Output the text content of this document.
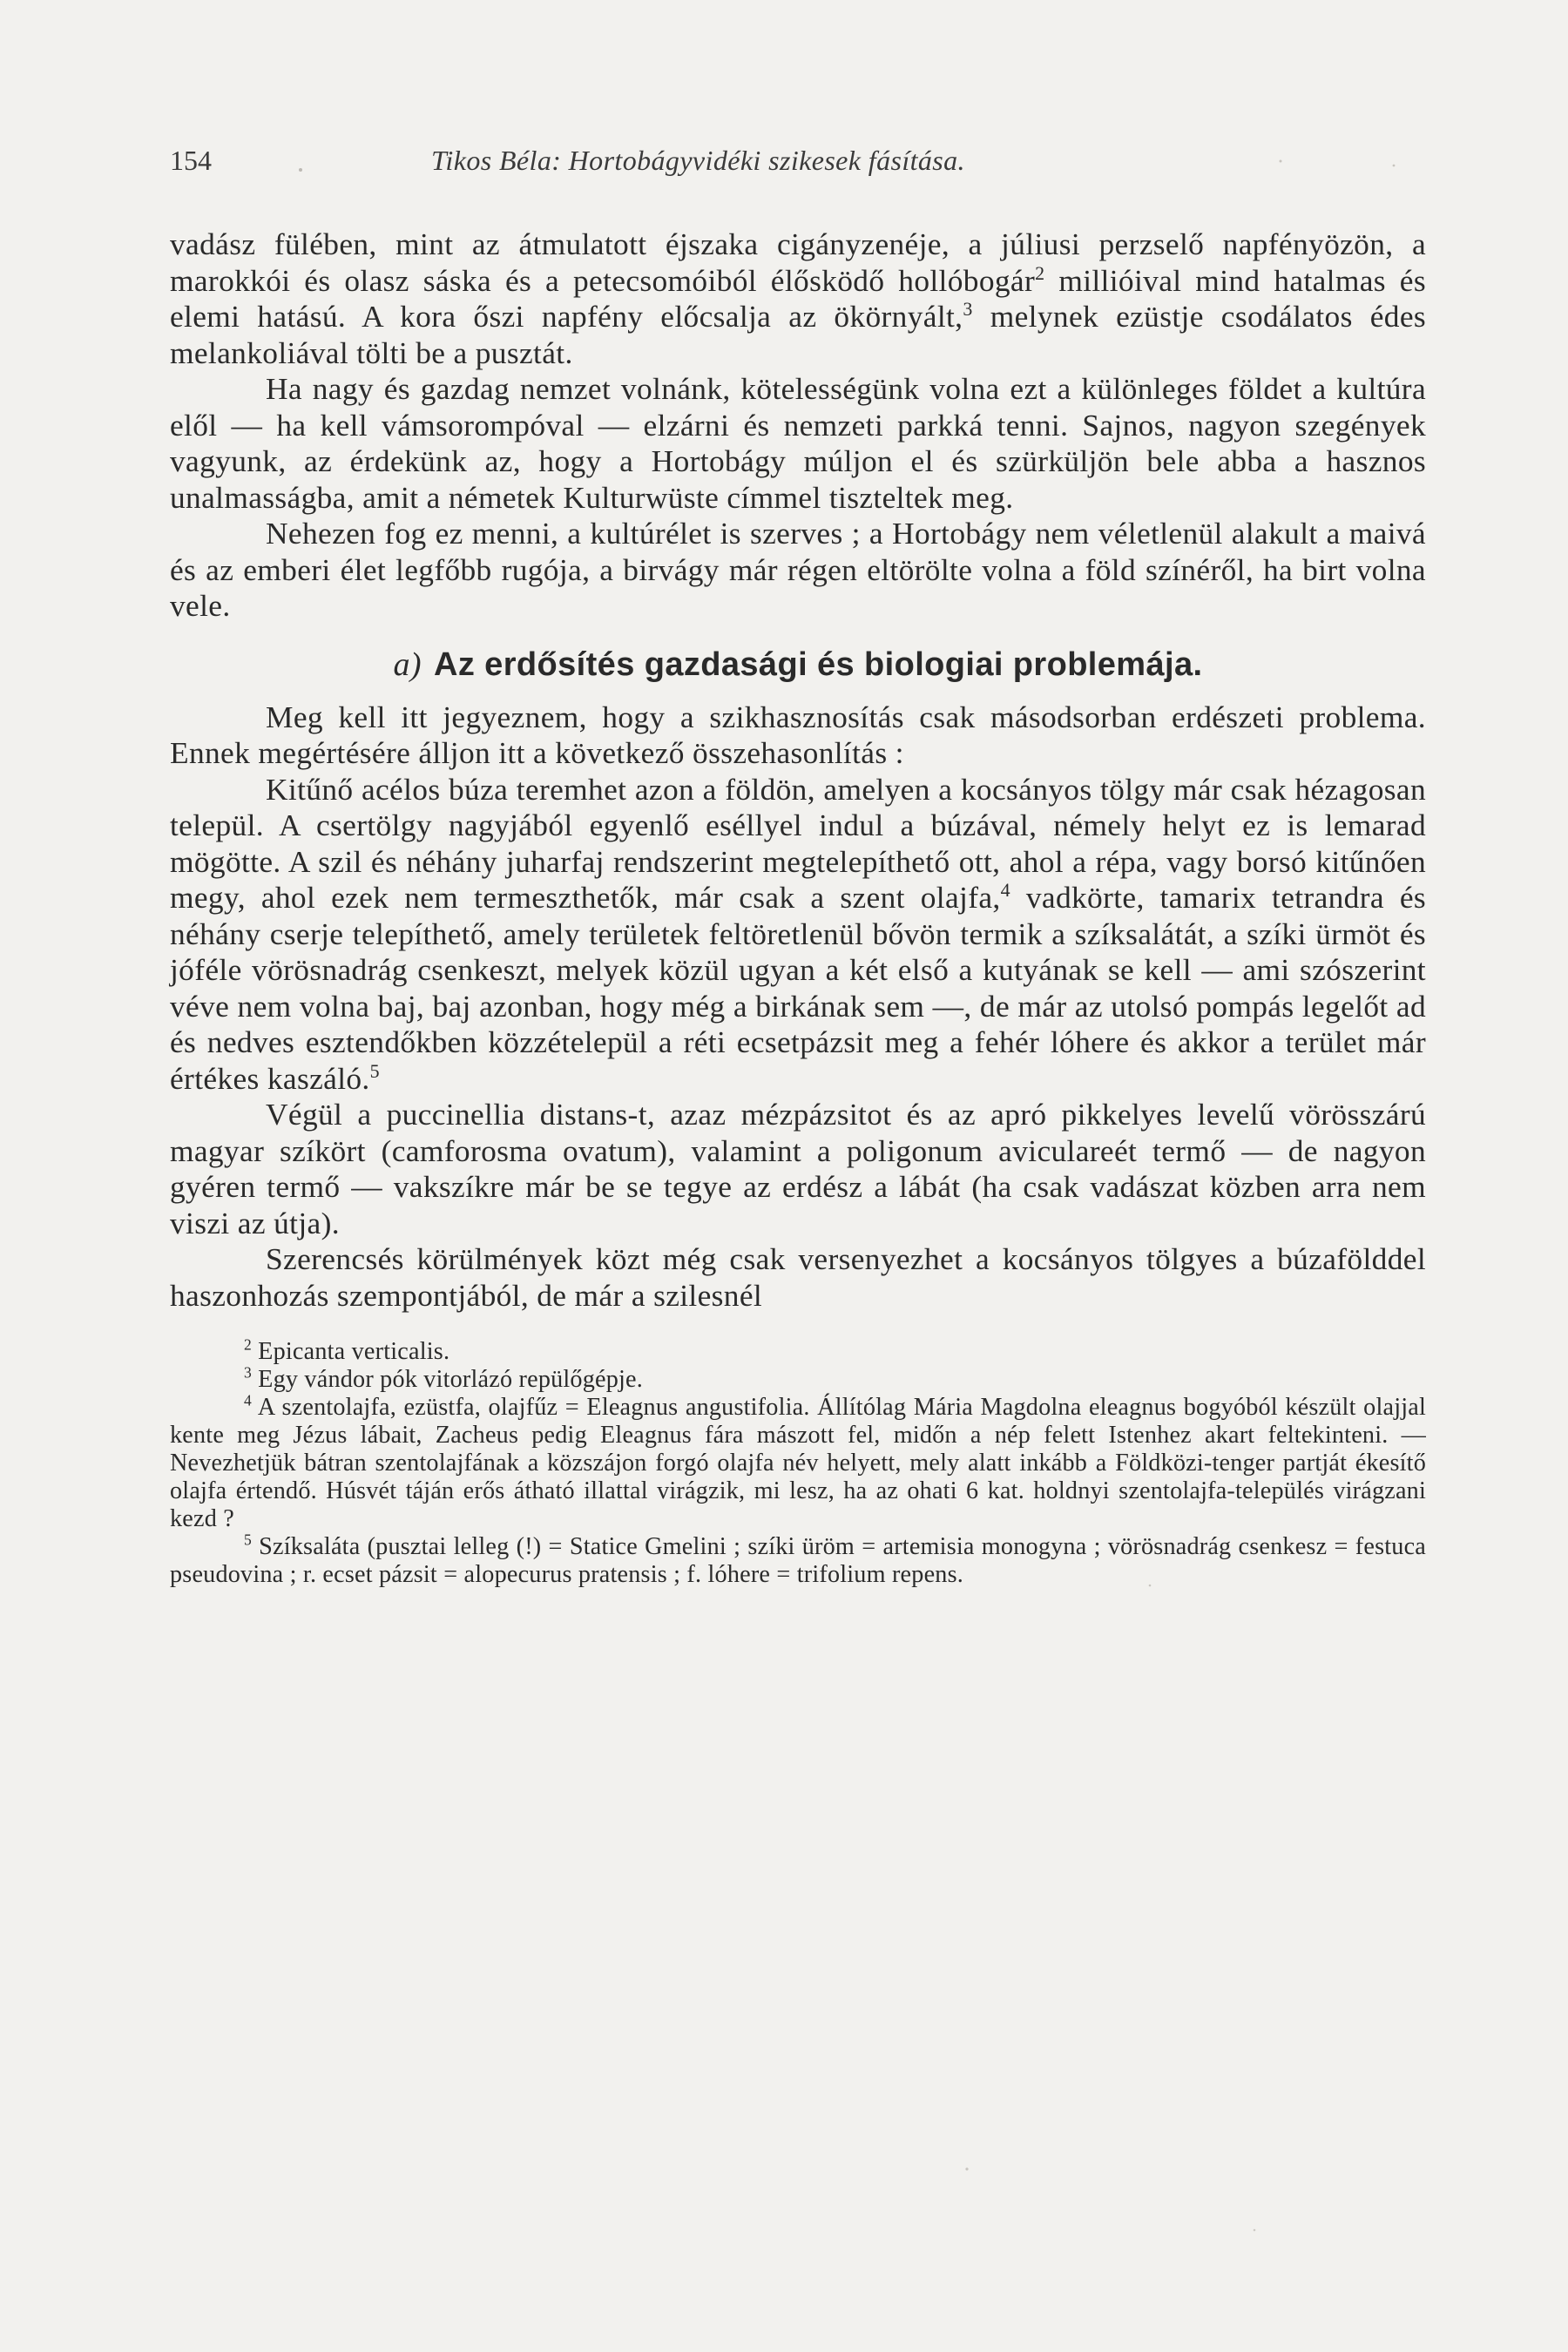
154	Tikos Béla: Hortobágyvidéki szikesek fásítása.

vadász fülében, mint az átmulatott éjszaka cigányzenéje, a júliusi perzselő napfényözön, a marokkói és olasz sáska és a petecsomóiból élősködő hollóbogár$^2$ millióival mind hatalmas és elemi hatású. A kora őszi napfény előcsalja az ökörnyált,$^3$ melynek ezüstje csodálatos édes melankoliával tölti be a pusztát.

Ha nagy és gazdag nemzet volnánk, kötelességünk volna ezt a különleges földet a kultúra elől — ha kell vámsorompóval — elzárni és nemzeti parkká tenni. Sajnos, nagyon szegények vagyunk, az érdekünk az, hogy a Hortobágy múljon el és szürküljön bele abba a hasznos unalmasságba, amit a németek Kulturwüste címmel tiszteltek meg.

Nehezen fog ez menni, a kultúrélet is szerves ; a Hortobágy nem véletlenül alakult a maivá és az emberi élet legfőbb rugója, a birvágy már régen eltörölte volna a föld színéről, ha birt volna vele.

a) Az erdősítés gazdasági és biologiai problemája.

Meg kell itt jegyeznem, hogy a szikhasznosítás csak másodsorban erdészeti problema. Ennek megértésére álljon itt a következő összehasonlítás :

Kitűnő acélos búza teremhet azon a földön, amelyen a kocsányos tölgy már csak hézagosan települ. A csertölgy nagyjából egyenlő eséllyel indul a búzával, némely helyt ez is lemarad mögötte. A szil és néhány juharfaj rendszerint megtelepíthető ott, ahol a répa, vagy borsó kitűnően megy, ahol ezek nem termeszthetők, már csak a szent olajfa,$^4$ vadkörte, tamarix tetrandra és néhány cserje telepíthető, amely területek feltöretlenül bővön termik a szíksalátát, a szíki ürmöt és jóféle vörösnadrág csenkeszt, melyek közül ugyan a két első a kutyának se kell — ami szószerint véve nem volna baj, baj azonban, hogy még a birkának sem —, de már az utolsó pompás legelőt ad és nedves esztendőkben közzételepül a réti ecsetpázsit meg a fehér lóhere és akkor a terület már értékes kaszáló.$^5$

Végül a puccinellia distans-t, azaz mézpázsitot és az apró pikkelyes levelű vörösszárú magyar szíkört (camforosma ovatum), valamint a poligonum aviculareét termő — de nagyon gyéren termő — vakszíkre már be se tegye az erdész a lábát (ha csak vadászat közben arra nem viszi az útja).

Szerencsés körülmények közt még csak versenyezhet a kocsányos tölgyes a búzafölddel haszonhozás szempontjából, de már a szilesnél

$^2$ Epicanta verticalis.

$^3$ Egy vándor pók vitorlázó repülőgépje.

$^4$ A szentolajfa, ezüstfa, olajfűz = Eleagnus angustifolia. Állítólag Mária Magdolna eleagnus bogyóból készült olajjal kente meg Jézus lábait, Zacheus pedig Eleagnus fára mászott fel, midőn a nép felett Istenhez akart feltekinteni. — Nevezhetjük bátran szentolajfának a közszájon forgó olajfa név helyett, mely alatt inkább a Földközi-tenger partját ékesítő olajfa értendő. Húsvét táján erős átható illattal virágzik, mi lesz, ha az ohati 6 kat. holdnyi szentolajfa-település virágzani kezd ?

$^5$ Szíksaláta (pusztai lelleg (!) = Statice Gmelini ; szíki üröm = artemisia monogyna ; vörösnadrág csenkesz = festuca pseudovina ; r. ecset pázsit = alopecurus pratensis ; f. lóhere = trifolium repens.
